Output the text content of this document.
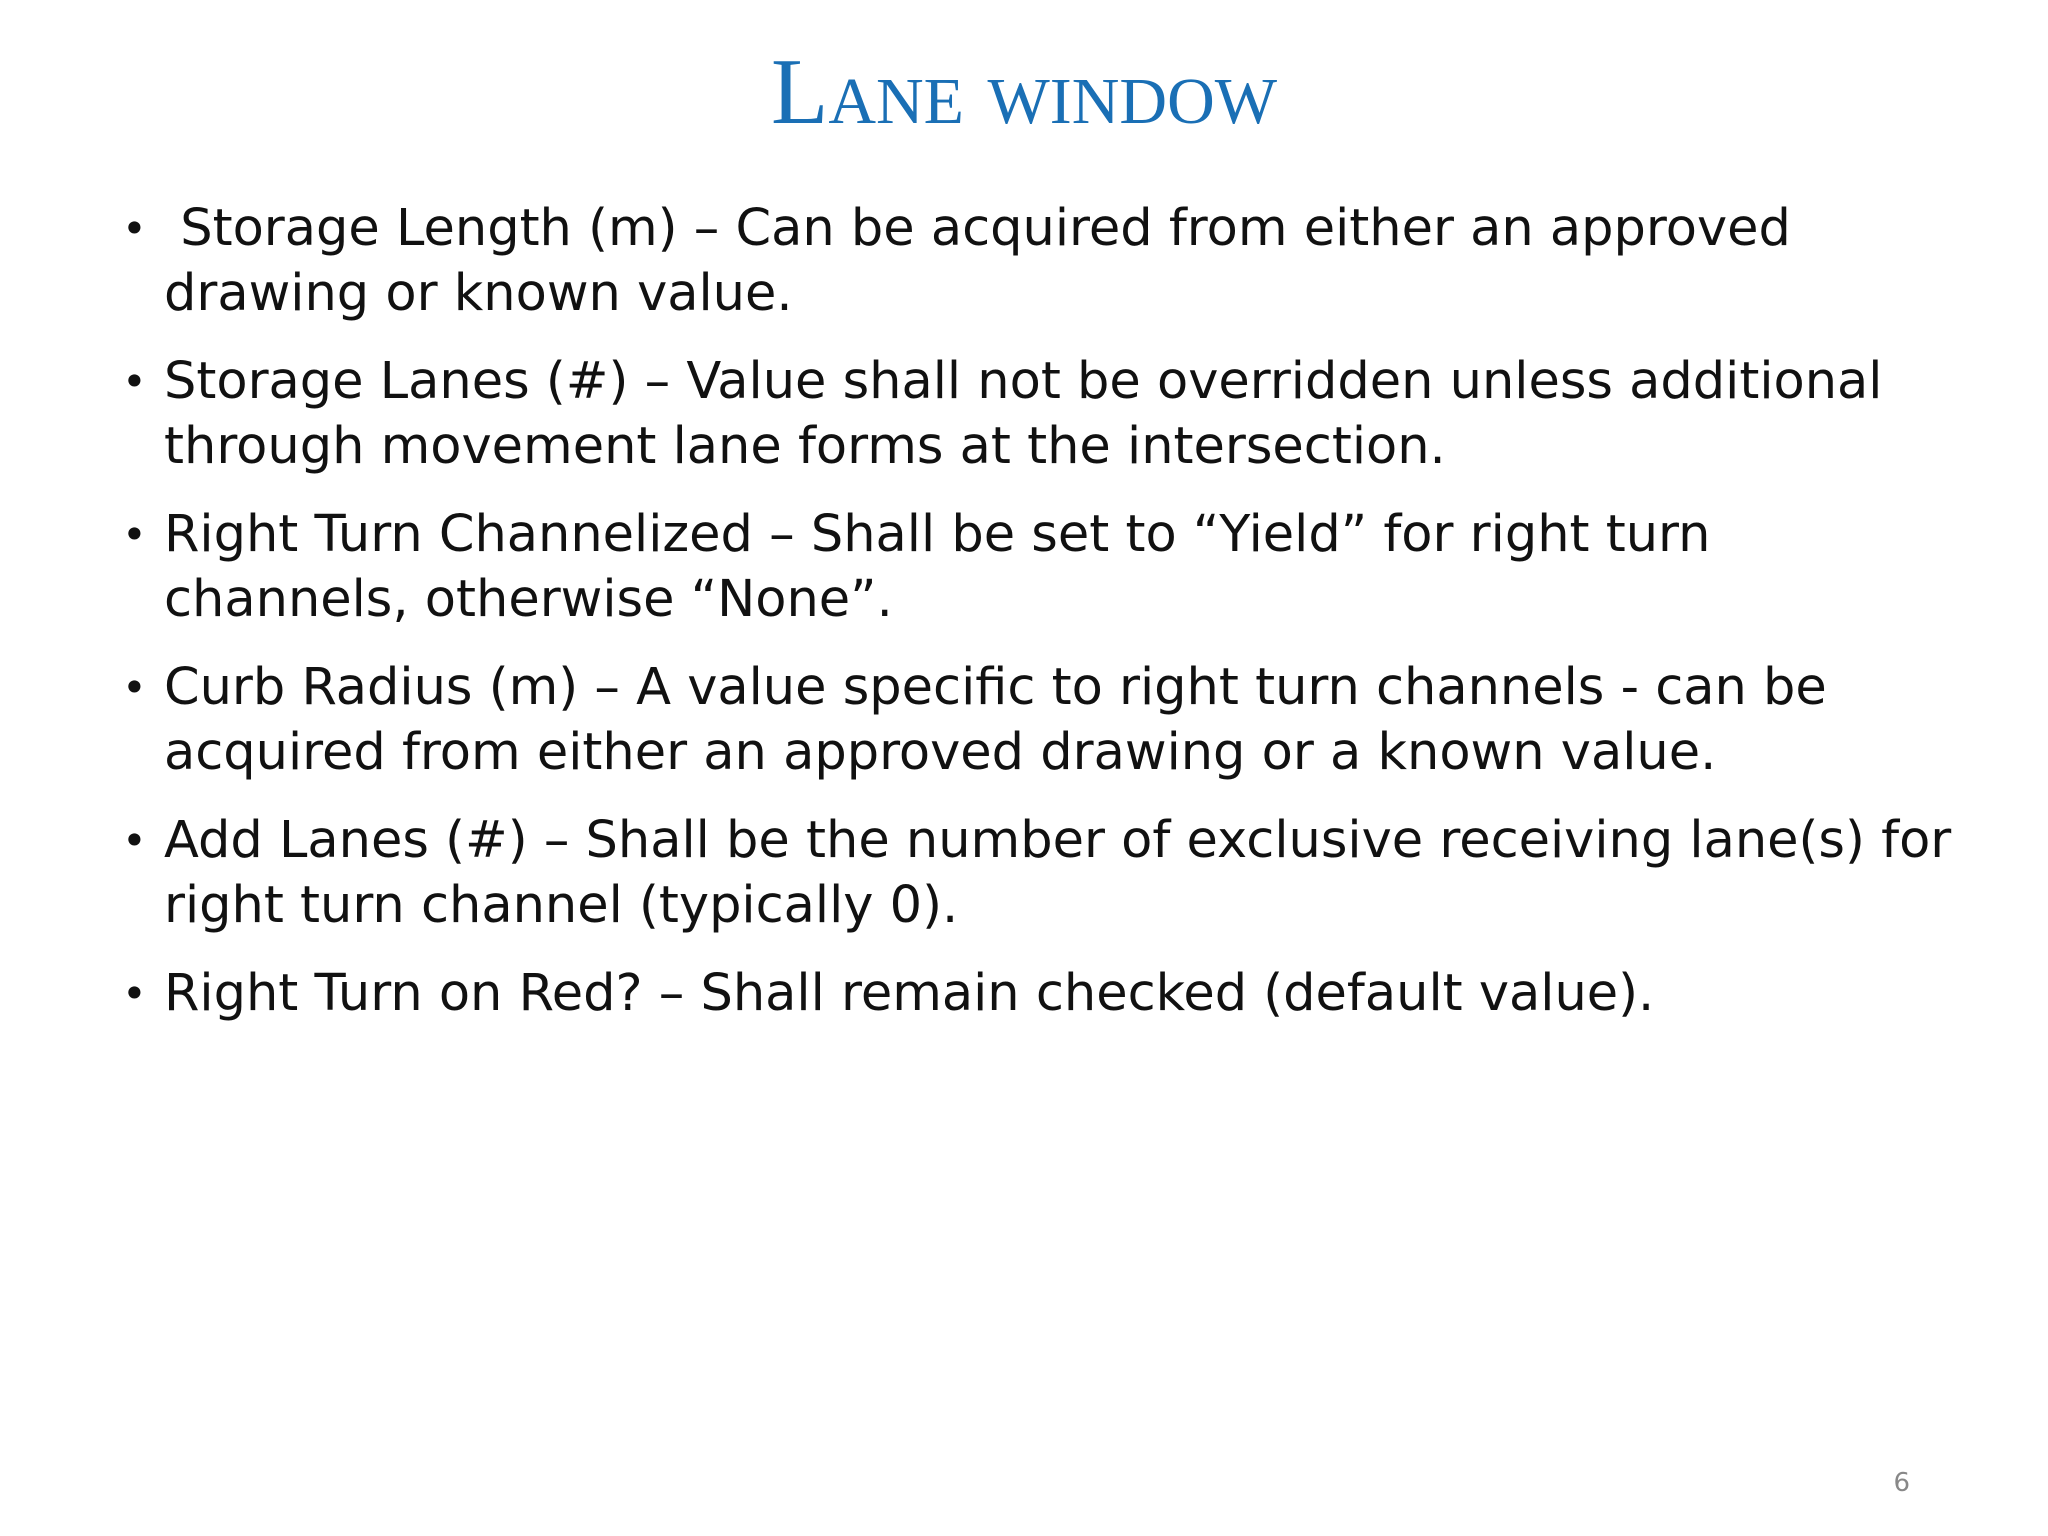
Lane window
• Storage Length (m) – Can be acquired from either an approved drawing or known value.
• Storage Lanes (#) – Value shall not be overridden unless additional through movement lane forms at the intersection.
• Right Turn Channelized – Shall be set to “Yield” for right turn channels, otherwise “None”.
• Curb Radius (m) – A value specific to right turn channels - can be acquired from either an approved drawing or a known value.
• Add Lanes (#) – Shall be the number of exclusive receiving lane(s) for right turn channel (typically 0).
• Right Turn on Red? – Shall remain checked (default value).
6
